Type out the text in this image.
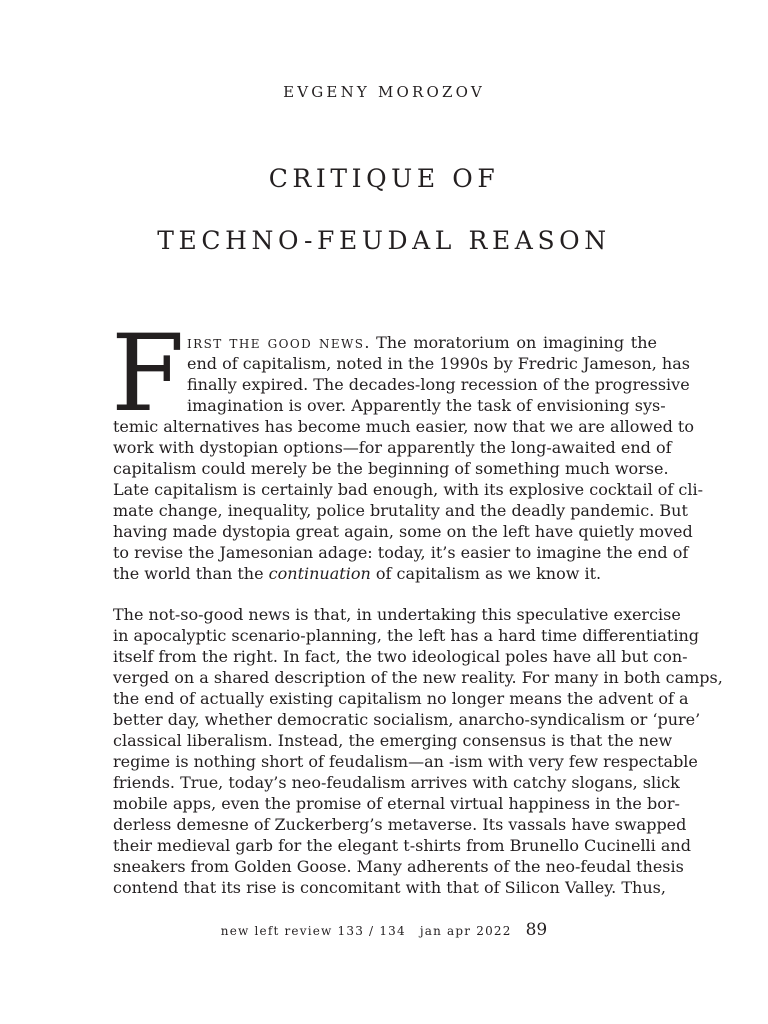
EVGENY MOROZOV
CRITIQUE OF
TECHNO-FEUDAL REASON
F IRST THE GOOD NEWS. The moratorium on imagining the
end of capitalism, noted in the 1990s by Fredric Jameson, has
finally expired. The decades-long recession of the progressive
imagination is over. Apparently the task of envisioning sys-
temic alternatives has become much easier, now that we are allowed to
work with dystopian options—for apparently the long-awaited end of
capitalism could merely be the beginning of something much worse.
Late capitalism is certainly bad enough, with its explosive cocktail of cli-
mate change, inequality, police brutality and the deadly pandemic. But
having made dystopia great again, some on the left have quietly moved
to revise the Jamesonian adage: today, it’s easier to imagine the end of
the world than the continuation of capitalism as we know it.
The not-so-good news is that, in undertaking this speculative exercise
in apocalyptic scenario-planning, the left has a hard time differentiating
itself from the right. In fact, the two ideological poles have all but con-
verged on a shared description of the new reality. For many in both camps,
the end of actually existing capitalism no longer means the advent of a
better day, whether democratic socialism, anarcho-syndicalism or ‘pure’
classical liberalism. Instead, the emerging consensus is that the new
regime is nothing short of feudalism—an -ism with very few respectable
friends. True, today’s neo-feudalism arrives with catchy slogans, slick
mobile apps, even the promise of eternal virtual happiness in the bor-
derless demesne of Zuckerberg’s metaverse. Its vassals have swapped
their medieval garb for the elegant t-shirts from Brunello Cucinelli and
sneakers from Golden Goose. Many adherents of the neo-feudal thesis
contend that its rise is concomitant with that of Silicon Valley. Thus,
new left review 133 / 134 jan apr 2022 89
